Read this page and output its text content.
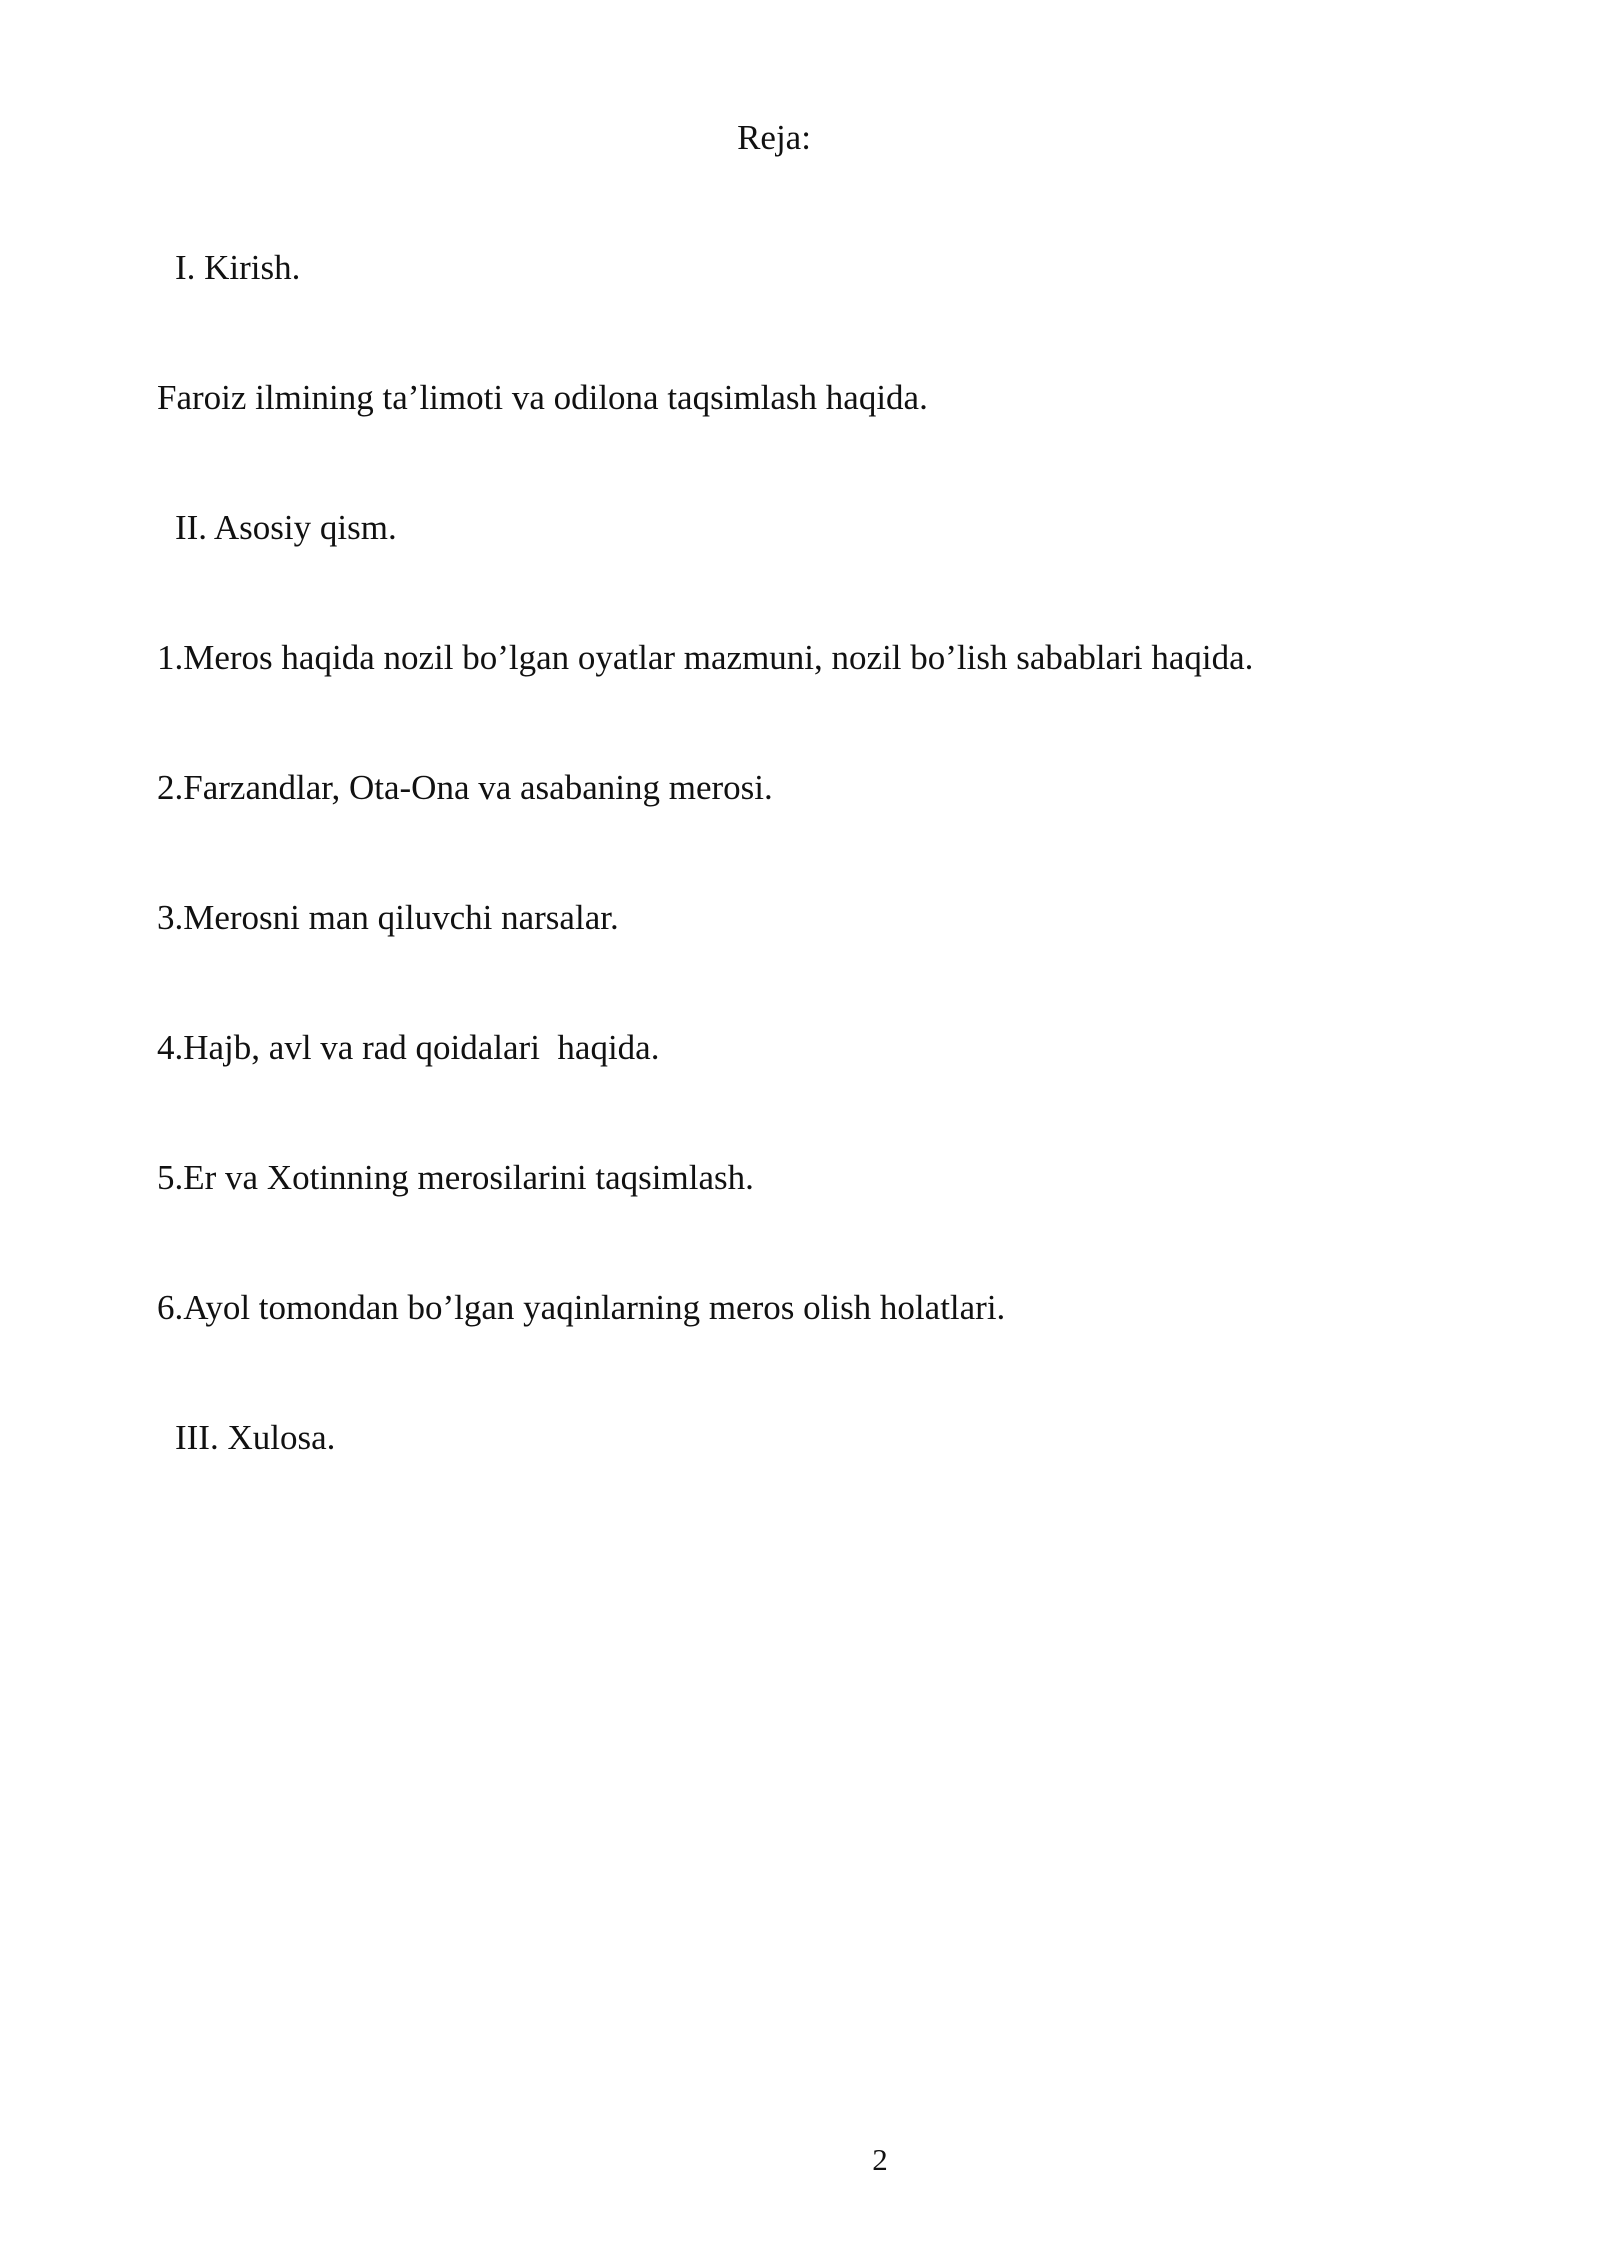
Reja:

I. Kirish.

Faroiz ilmining ta’limoti va odilona taqsimlash haqida.

II. Asosiy qism.

1.Meros haqida nozil bo’lgan oyatlar mazmuni, nozil bo’lish sabablari haqida.

2.Farzandlar, Ota-Ona va asabaning merosi.

3.Merosni man qiluvchi narsalar.

4.Hajb, avl va rad qoidalari  haqida.

5.Er va Xotinning merosilarini taqsimlash.

6.Ayol tomondan bo’lgan yaqinlarning meros olish holatlari.

III. Xulosa.

2
